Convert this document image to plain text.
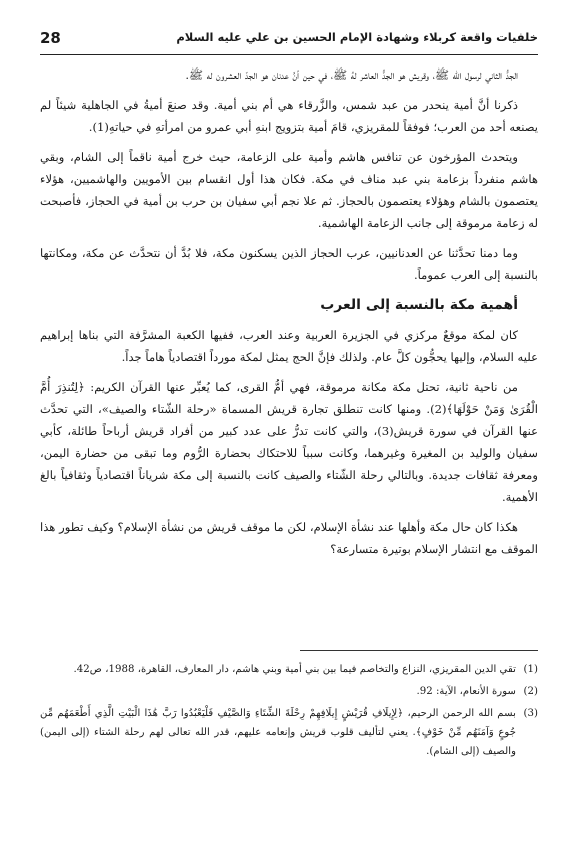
28	خلفيات واقعة كربلاء وشهادة الإمام الحسين بن علي عليه السلام

الجدُّ الثاني لرسول الله ﷺ، وقريش هو الجدُّ العاشر لهُ ﷺ، في حين أنَّ عدنان هو الجدّ العشرون له ﷺ.

ذكرنا أنَّ أمية ينحدر من عبد شمس، والزَّرقاء هي أم بني أمية. وقد صنعَ أميةُ في الجاهلية شيئاً لم يصنعه أحد من العرب؛ فوفقاً للمقريزي، قامَ أمية بتزويج ابنهِ أبي عمرو من امرأتهِ في حياتهِ(1).

ويتحدث المؤرخون عن تنافس هاشم وأمية على الزعامة، حيث خرج أمية ناقماً إلى الشام، وبقي هاشم منفرداً بزعامة بني عبد مناف في مكة. فكان هذا أول انقسام بين الأمويين والهاشميين، هؤلاء يعتصمون بالشام وهؤلاء يعتصمون بالحجاز. ثم علا نجم أبي سفيان بن حرب بن أمية في الحجاز، فأصبحت له زعامة مرموقة إلى جانب الزعامة الهاشمية.

وما دمنا تحدَّثنا عن العدنانيين، عرب الحجاز الذين يسكنون مكة، فلا بُدَّ أن نتحدَّث عن مكة، ومكانتها بالنسبة إلى العرب عموماً.

أهمية مكة بالنسبة إلى العرب

كان لمكة موقعٌ مركزي في الجزيرة العربية وعند العرب، ففيها الكعبة المشرَّفة التي بناها إبراهيم عليه السلام، وإليها يحجُّون كلَّ عام. ولذلك فإنَّ الحج يمثل لمكة مورداً اقتصادياً هاماً جداً.

من ناحية ثانية، تحتل مكة مكانة مرموقة، فهي أمُّ القرى، كما يُعبِّر عنها القرآن الكريم: ﴿لِتُنذِرَ أُمَّ الْقُرَىٰ وَمَنْ حَوْلَهَا﴾(2). ومنها كانت تنطلق تجارة قريش المسماة «رحلة الشّتاء والصيف»، التي تحدَّث عنها القرآن في سورة قريش(3)، والتي كانت تدرُّ على عدد كبير من أفراد قريش أرباحاً طائلة، كأبي سفيان والوليد بن المغيرة وغيرهما، وكانت سبباً للاحتكاك بحضارة الرُّوم وما تبقى من حضارة اليمن، ومعرفة ثقافات جديدة. وبالتالي رحلة الشّتاء والصيف كانت بالنسبة إلى مكة شرياناً اقتصادياً وثقافياً بالغ الأهمية.

هكذا كان حال مكة وأهلها عند نشأة الإسلام، لكن ما موقف قريش من نشأة الإسلام؟ وكيف تطور هذا الموقف مع انتشار الإسلام بوتيرة متسارعة؟

(1)
تقي الدين المقريزي، النزاع والتخاصم فيما بين بني أمية وبني هاشم، دار المعارف، القاهرة، 1988، ص42.
(2)
سورة الأنعام، الآية: 92.
(3)
بسم الله الرحمن الرحيم، ﴿لِإِيلَافِ قُرَيْشٍ إِيلَافِهِمْ رِحْلَةَ الشِّتَاءِ وَالصَّيْفِ فَلْيَعْبُدُوا رَبَّ هَٰذَا الْبَيْتِ الَّذِي أَطْعَمَهُم مِّن جُوعٍ وَآمَنَهُم مِّنْ خَوْفٍ﴾. يعني لتأليف قلوب قريش وإنعامه عليهم، قدر الله تعالى لهم رحلة الشتاء (إلى اليمن) والصيف (إلى الشام).
